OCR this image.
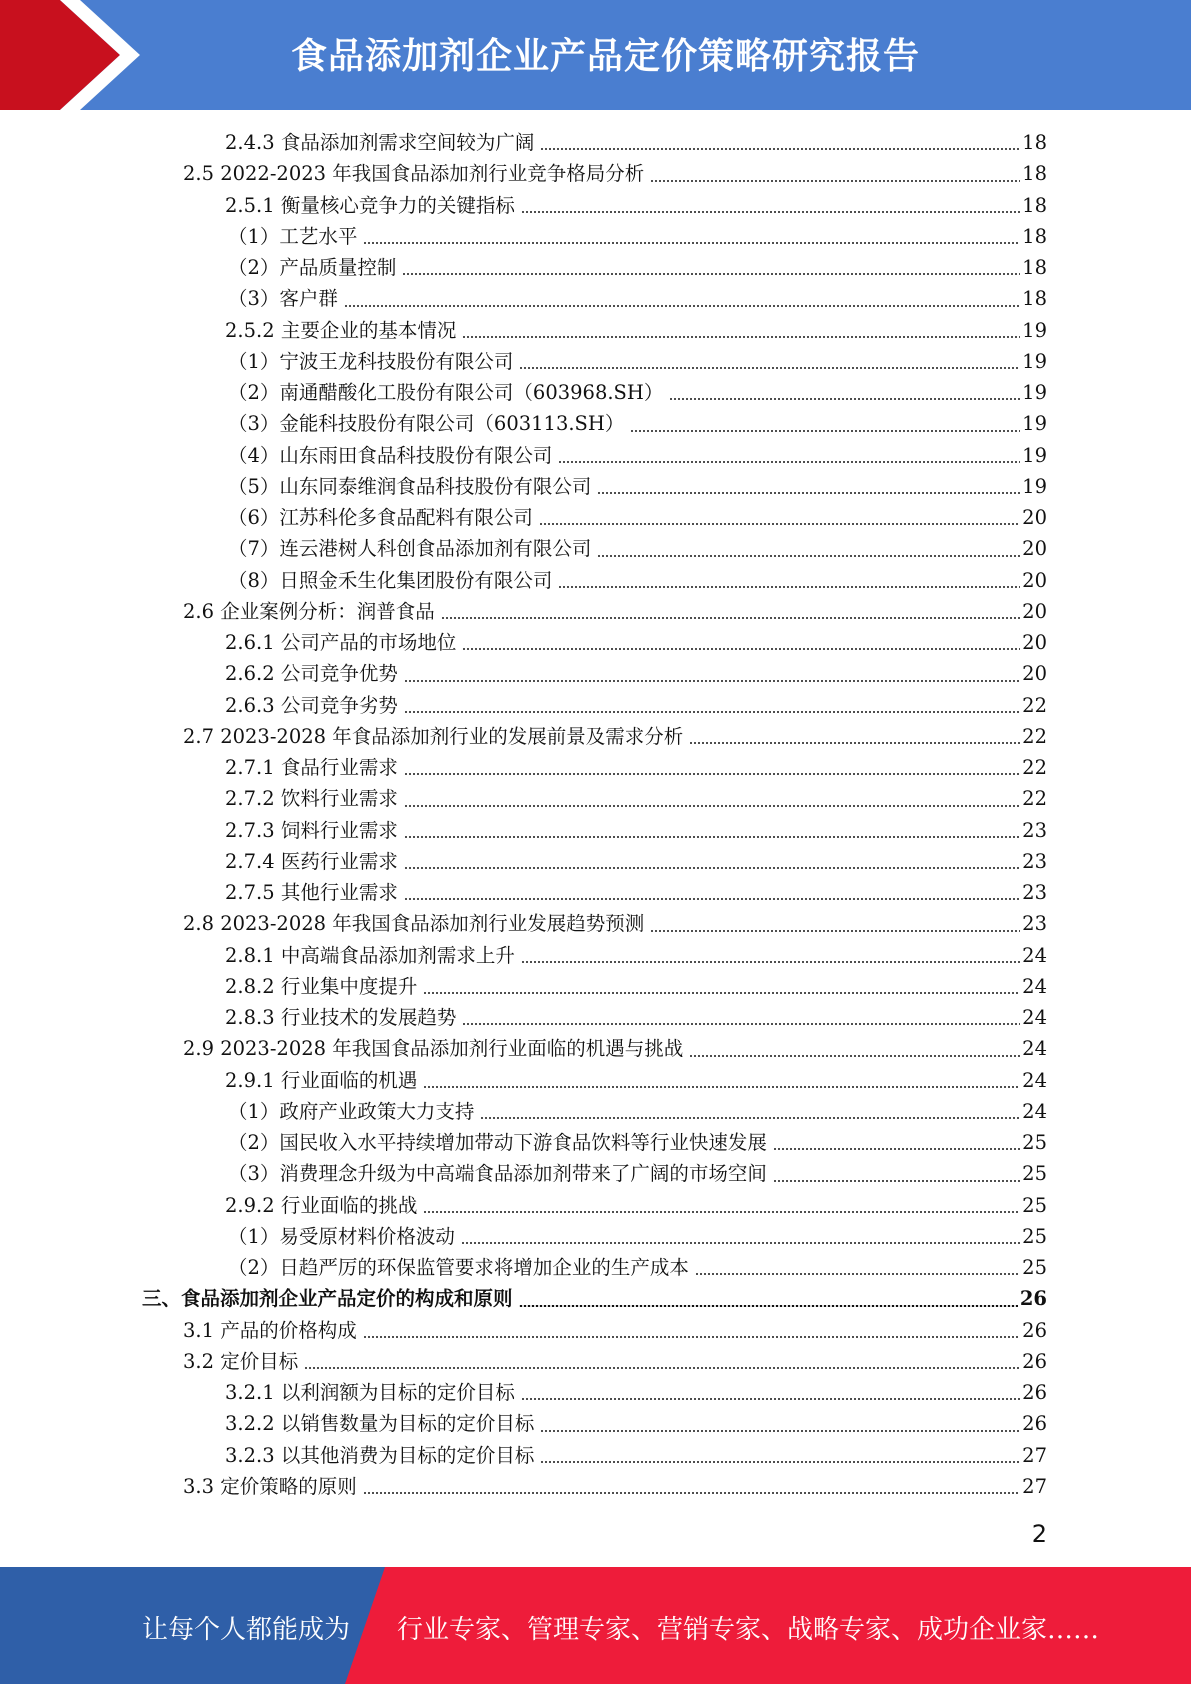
食品添加剂企业产品定价策略研究报告
2.4.3 食品添加剂需求空间较为广阔	18
2.5 2022-2023 年我国食品添加剂行业竞争格局分析	18
2.5.1 衡量核心竞争力的关键指标	18
（1）工艺水平	18
（2）产品质量控制	18
（3）客户群	18
2.5.2 主要企业的基本情况	19
（1）宁波王龙科技股份有限公司	19
（2）南通醋酸化工股份有限公司（603968.SH）	19
（3）金能科技股份有限公司（603113.SH）	19
（4）山东雨田食品科技股份有限公司	19
（5）山东同泰维润食品科技股份有限公司	19
（6）江苏科伦多食品配料有限公司	20
（7）连云港树人科创食品添加剂有限公司	20
（8）日照金禾生化集团股份有限公司	20
2.6 企业案例分析：润普食品	20
2.6.1 公司产品的市场地位	20
2.6.2 公司竞争优势	20
2.6.3 公司竞争劣势	22
2.7 2023-2028 年食品添加剂行业的发展前景及需求分析	22
2.7.1 食品行业需求	22
2.7.2 饮料行业需求	22
2.7.3 饲料行业需求	23
2.7.4 医药行业需求	23
2.7.5 其他行业需求	23
2.8 2023-2028 年我国食品添加剂行业发展趋势预测	23
2.8.1 中高端食品添加剂需求上升	24
2.8.2 行业集中度提升	24
2.8.3 行业技术的发展趋势	24
2.9 2023-2028 年我国食品添加剂行业面临的机遇与挑战	24
2.9.1 行业面临的机遇	24
（1）政府产业政策大力支持	24
（2）国民收入水平持续增加带动下游食品饮料等行业快速发展	25
（3）消费理念升级为中高端食品添加剂带来了广阔的市场空间	25
2.9.2 行业面临的挑战	25
（1）易受原材料价格波动	25
（2）日趋严厉的环保监管要求将增加企业的生产成本	25
三、食品添加剂企业产品定价的构成和原则	26
3.1 产品的价格构成	26
3.2 定价目标	26
3.2.1 以利润额为目标的定价目标	26
3.2.2 以销售数量为目标的定价目标	26
3.2.3 以其他消费为目标的定价目标	27
3.3 定价策略的原则	27
2
让每个人都能成为 行业专家、管理专家、营销专家、战略专家、成功企业家……
